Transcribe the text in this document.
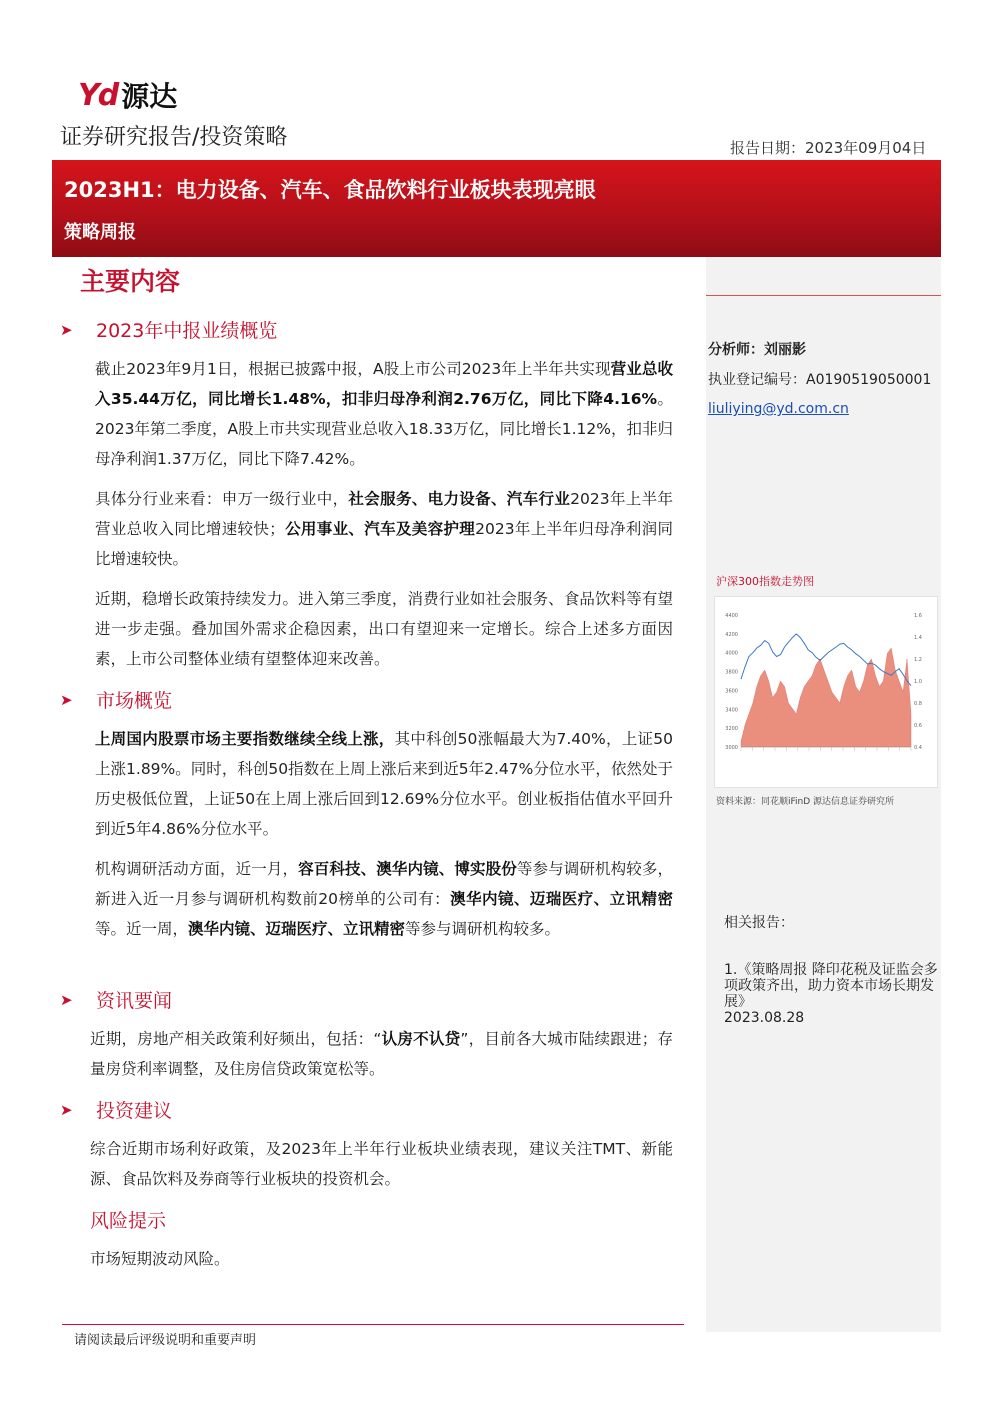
Yd 源达
证券研究报告/投资策略	报告日期：2023年09月04日
2023H1：电力设备、汽车、食品饮料行业板块表现亮眼
策略周报
分析师：刘丽影
执业登记编号：A0190519050001
liuliying@yd.com.cn
沪深300指数走势图
4400
4200
4000
3800
3600
3400
3200
3000
1.6
1.4
1.2
1.0
0.8
0.6
0.4
资料来源：同花顺iFinD 源达信息证券研究所
相关报告：
1.《策略周报 降印花税及证监会多项政策齐出，助力资本市场长期发展》
2023.08.28
主要内容
➤ 2023年中报业绩概览
截止2023年9月1日，根据已披露中报，A股上市公司2023年上半年共实现营业总收入35.44万亿，同比增长1.48%，扣非归母净利润2.76万亿，同比下降4.16%。2023年第二季度，A股上市共实现营业总收入18.33万亿，同比增长1.12%，扣非归母净利润1.37万亿，同比下降7.42%。
具体分行业来看：申万一级行业中，社会服务、电力设备、汽车行业2023年上半年营业总收入同比增速较快；公用事业、汽车及美容护理2023年上半年归母净利润同比增速较快。
近期，稳增长政策持续发力。进入第三季度，消费行业如社会服务、食品饮料等有望进一步走强。叠加国外需求企稳因素，出口有望迎来一定增长。综合上述多方面因素，上市公司整体业绩有望整体迎来改善。
➤ 市场概览
上周国内股票市场主要指数继续全线上涨，其中科创50涨幅最大为7.40%，上证50上涨1.89%。同时，科创50指数在上周上涨后来到近5年2.47%分位水平，依然处于历史极低位置，上证50在上周上涨后回到12.69%分位水平。创业板指估值水平回升到近5年4.86%分位水平。
机构调研活动方面，近一月，容百科技、澳华内镜、博实股份等参与调研机构较多，新进入近一月参与调研机构数前20榜单的公司有：澳华内镜、迈瑞医疗、立讯精密等。近一周，澳华内镜、迈瑞医疗、立讯精密等参与调研机构较多。
➤ 资讯要闻
近期，房地产相关政策利好频出，包括：“认房不认贷”，目前各大城市陆续跟进；存量房贷利率调整，及住房信贷政策宽松等。
➤ 投资建议
综合近期市场利好政策，及2023年上半年行业板块业绩表现，建议关注TMT、新能源、食品饮料及券商等行业板块的投资机会。
风险提示
市场短期波动风险。
请阅读最后评级说明和重要声明
